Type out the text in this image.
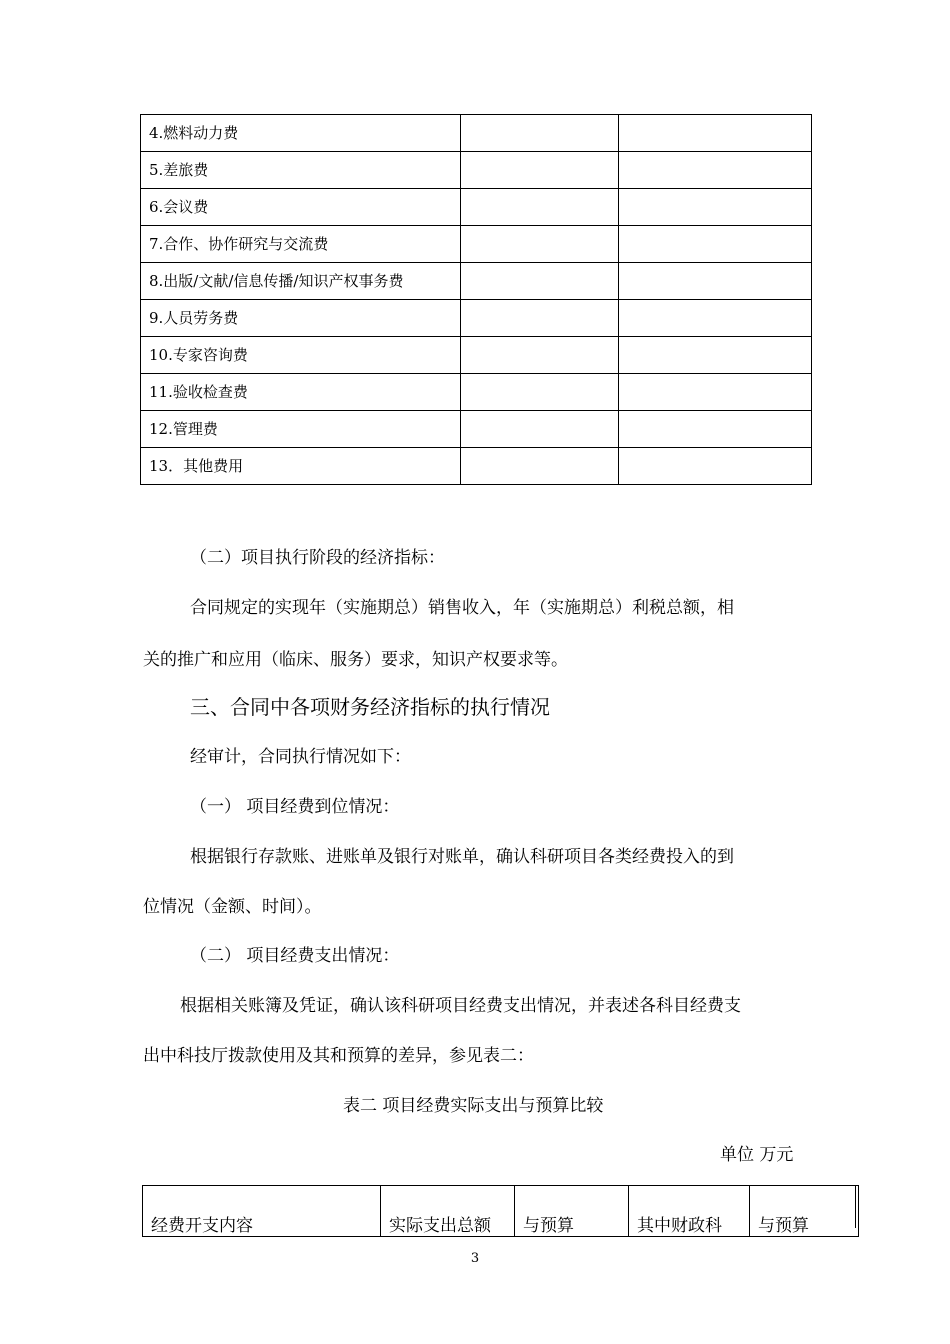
4.燃料动力费		
5.差旅费		
6.会议费		
7.合作、协作研究与交流费		
8.出版/文献/信息传播/知识产权事务费		
9.人员劳务费		
10.专家咨询费		
11.验收检查费		
12.管理费		
13．其他费用		
（二）项目执行阶段的经济指标：
合同规定的实现年（实施期总）销售收入，年（实施期总）利税总额，相
关的推广和应用（临床、服务）要求，知识产权要求等。
三、合同中各项财务经济指标的执行情况
经审计，合同执行情况如下：
（一） 项目经费到位情况：
根据银行存款账、进账单及银行对账单，确认科研项目各类经费投入的到
位情况（金额、时间）。
（二） 项目经费支出情况：
根据相关账簿及凭证，确认该科研项目经费支出情况，并表述各科目经费支
出中科技厅拨款使用及其和预算的差异，参见表二：
表二 项目经费实际支出与预算比较
单位 万元
经费开支内容	实际支出总额	与预算	其中财政科	与预算
3
